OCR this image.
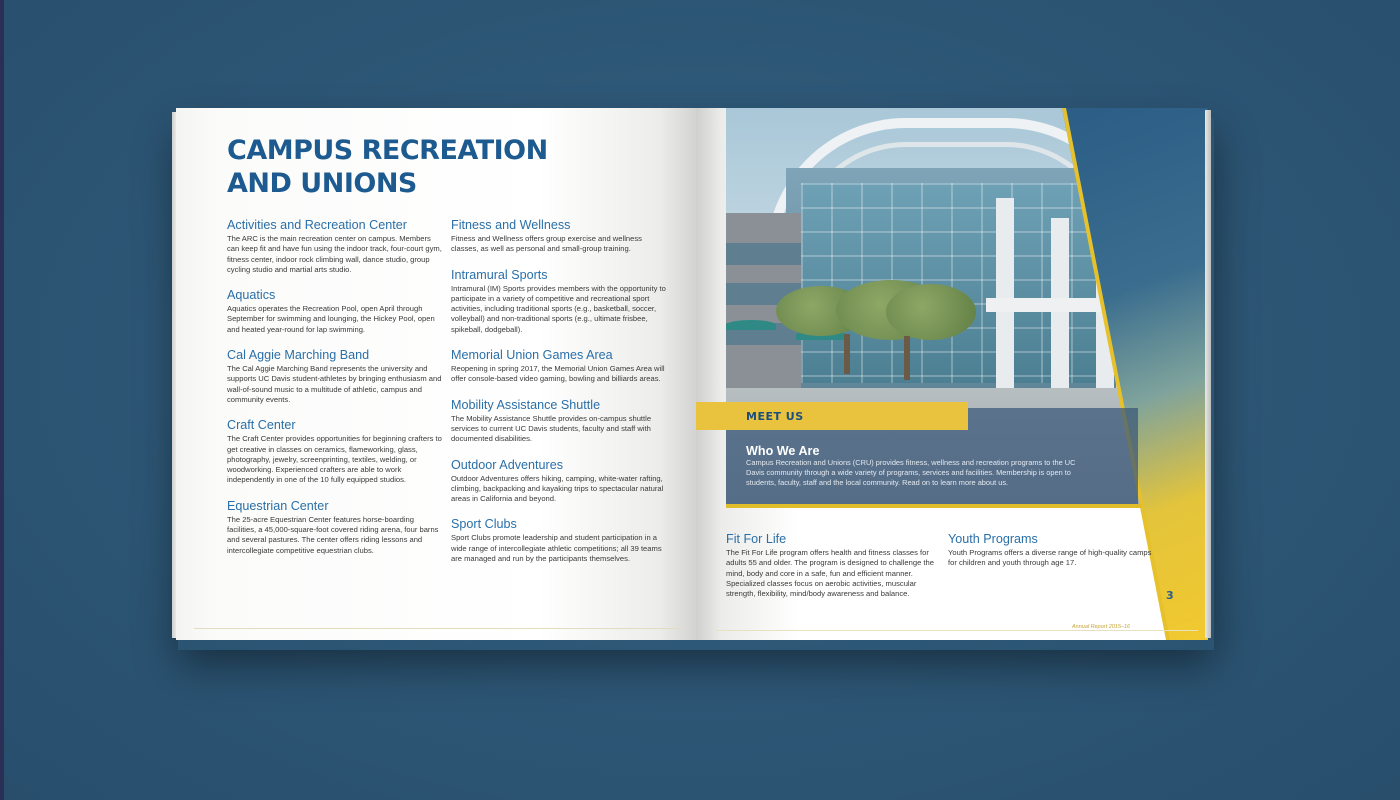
CAMPUS RECREATION AND UNIONS
Activities and Recreation Center

The ARC is the main recreation center on campus. Members can keep fit and have fun using the indoor track, four-court gym, fitness center, indoor rock climbing wall, dance studio, group cycling studio and martial arts studio.

Aquatics

Aquatics operates the Recreation Pool, open April through September for swimming and lounging, the Hickey Pool, open and heated year-round for lap swimming.

Cal Aggie Marching Band

The Cal Aggie Marching Band represents the university and supports UC Davis student-athletes by bringing enthusiasm and wall-of-sound music to a multitude of athletic, campus and community events.

Craft Center

The Craft Center provides opportunities for beginning crafters to get creative in classes on ceramics, flameworking, glass, photography, jewelry, screenprinting, textiles, welding, or woodworking. Experienced crafters are able to work independently in one of the 10 fully equipped studios.

Equestrian Center

The 25-acre Equestrian Center features horse-boarding facilities, a 45,000-square-foot covered riding arena, four barns and several pastures. The center offers riding lessons and intercollegiate competitive equestrian clubs.

Fitness and Wellness

Fitness and Wellness offers group exercise and wellness classes, as well as personal and small-group training.

Intramural Sports

Intramural (IM) Sports provides members with the opportunity to participate in a variety of competitive and recreational sport activities, including traditional sports (e.g., basketball, soccer, volleyball) and non-traditional sports (e.g., ultimate frisbee, spikeball, dodgeball).

Memorial Union Games Area

Reopening in spring 2017, the Memorial Union Games Area will offer console-based video gaming, bowling and billiards areas.

Mobility Assistance Shuttle

The Mobility Assistance Shuttle provides on-campus shuttle services to current UC Davis students, faculty and staff with documented disabilities.

Outdoor Adventures

Outdoor Adventures offers hiking, camping, white-water rafting, climbing, backpacking and kayaking trips to spectacular natural areas in California and beyond.

Sport Clubs

Sport Clubs promote leadership and student participation in a wide range of intercollegiate athletic competitions; all 39 teams are managed and run by the participants themselves.

MEET US

Who We Are

Campus Recreation and Unions (CRU) provides fitness, wellness and recreation programs to the UC Davis community through a wide variety of programs, services and facilities. Membership is open to students, faculty, staff and the local community. Read on to learn more about us.

Fit For Life

The Fit For Life program offers health and fitness classes for adults 55 and older. The program is designed to challenge the mind, body and core in a safe, fun and efficient manner. Specialized classes focus on aerobic activities, muscular strength, flexibility, mind/body awareness and balance.

Youth Programs

Youth Programs offers a diverse range of high-quality camps for children and youth through age 17.

Annual Report 2015–16

3
